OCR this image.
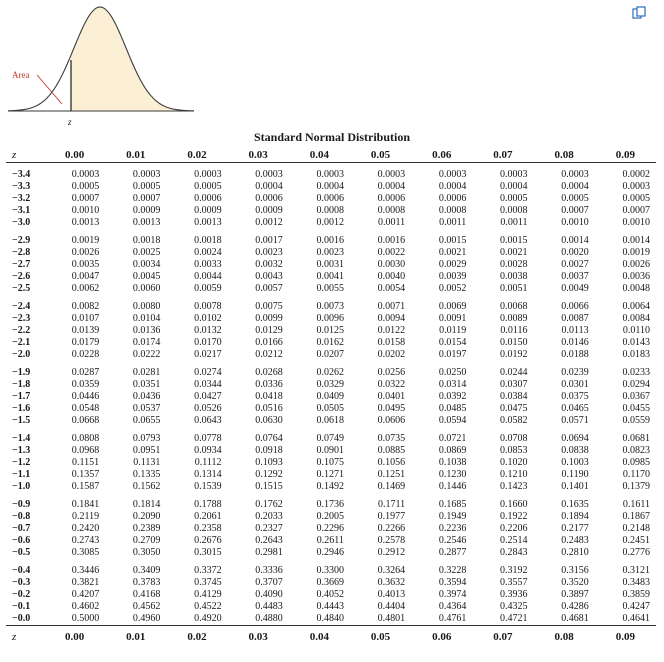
Area
z
Standard Normal Distribution
z	0.00	0.01	0.02	0.03	0.04	0.05	0.06	0.07	0.08	0.09
−3.4	0.0003	0.0003	0.0003	0.0003	0.0003	0.0003	0.0003	0.0003	0.0003	0.0002
−3.3	0.0005	0.0005	0.0005	0.0004	0.0004	0.0004	0.0004	0.0004	0.0004	0.0003
−3.2	0.0007	0.0007	0.0006	0.0006	0.0006	0.0006	0.0006	0.0005	0.0005	0.0005
−3.1	0.0010	0.0009	0.0009	0.0009	0.0008	0.0008	0.0008	0.0008	0.0007	0.0007
−3.0	0.0013	0.0013	0.0013	0.0012	0.0012	0.0011	0.0011	0.0011	0.0010	0.0010
−2.9	0.0019	0.0018	0.0018	0.0017	0.0016	0.0016	0.0015	0.0015	0.0014	0.0014
−2.8	0.0026	0.0025	0.0024	0.0023	0.0023	0.0022	0.0021	0.0021	0.0020	0.0019
−2.7	0.0035	0.0034	0.0033	0.0032	0.0031	0.0030	0.0029	0.0028	0.0027	0.0026
−2.6	0.0047	0.0045	0.0044	0.0043	0.0041	0.0040	0.0039	0.0038	0.0037	0.0036
−2.5	0.0062	0.0060	0.0059	0.0057	0.0055	0.0054	0.0052	0.0051	0.0049	0.0048
−2.4	0.0082	0.0080	0.0078	0.0075	0.0073	0.0071	0.0069	0.0068	0.0066	0.0064
−2.3	0.0107	0.0104	0.0102	0.0099	0.0096	0.0094	0.0091	0.0089	0.0087	0.0084
−2.2	0.0139	0.0136	0.0132	0.0129	0.0125	0.0122	0.0119	0.0116	0.0113	0.0110
−2.1	0.0179	0.0174	0.0170	0.0166	0.0162	0.0158	0.0154	0.0150	0.0146	0.0143
−2.0	0.0228	0.0222	0.0217	0.0212	0.0207	0.0202	0.0197	0.0192	0.0188	0.0183
−1.9	0.0287	0.0281	0.0274	0.0268	0.0262	0.0256	0.0250	0.0244	0.0239	0.0233
−1.8	0.0359	0.0351	0.0344	0.0336	0.0329	0.0322	0.0314	0.0307	0.0301	0.0294
−1.7	0.0446	0.0436	0.0427	0.0418	0.0409	0.0401	0.0392	0.0384	0.0375	0.0367
−1.6	0.0548	0.0537	0.0526	0.0516	0.0505	0.0495	0.0485	0.0475	0.0465	0.0455
−1.5	0.0668	0.0655	0.0643	0.0630	0.0618	0.0606	0.0594	0.0582	0.0571	0.0559
−1.4	0.0808	0.0793	0.0778	0.0764	0.0749	0.0735	0.0721	0.0708	0.0694	0.0681
−1.3	0.0968	0.0951	0.0934	0.0918	0.0901	0.0885	0.0869	0.0853	0.0838	0.0823
−1.2	0.1151	0.1131	0.1112	0.1093	0.1075	0.1056	0.1038	0.1020	0.1003	0.0985
−1.1	0.1357	0.1335	0.1314	0.1292	0.1271	0.1251	0.1230	0.1210	0.1190	0.1170
−1.0	0.1587	0.1562	0.1539	0.1515	0.1492	0.1469	0.1446	0.1423	0.1401	0.1379
−0.9	0.1841	0.1814	0.1788	0.1762	0.1736	0.1711	0.1685	0.1660	0.1635	0.1611
−0.8	0.2119	0.2090	0.2061	0.2033	0.2005	0.1977	0.1949	0.1922	0.1894	0.1867
−0.7	0.2420	0.2389	0.2358	0.2327	0.2296	0.2266	0.2236	0.2206	0.2177	0.2148
−0.6	0.2743	0.2709	0.2676	0.2643	0.2611	0.2578	0.2546	0.2514	0.2483	0.2451
−0.5	0.3085	0.3050	0.3015	0.2981	0.2946	0.2912	0.2877	0.2843	0.2810	0.2776
−0.4	0.3446	0.3409	0.3372	0.3336	0.3300	0.3264	0.3228	0.3192	0.3156	0.3121
−0.3	0.3821	0.3783	0.3745	0.3707	0.3669	0.3632	0.3594	0.3557	0.3520	0.3483
−0.2	0.4207	0.4168	0.4129	0.4090	0.4052	0.4013	0.3974	0.3936	0.3897	0.3859
−0.1	0.4602	0.4562	0.4522	0.4483	0.4443	0.4404	0.4364	0.4325	0.4286	0.4247
−0.0	0.5000	0.4960	0.4920	0.4880	0.4840	0.4801	0.4761	0.4721	0.4681	0.4641
z	0.00	0.01	0.02	0.03	0.04	0.05	0.06	0.07	0.08	0.09
